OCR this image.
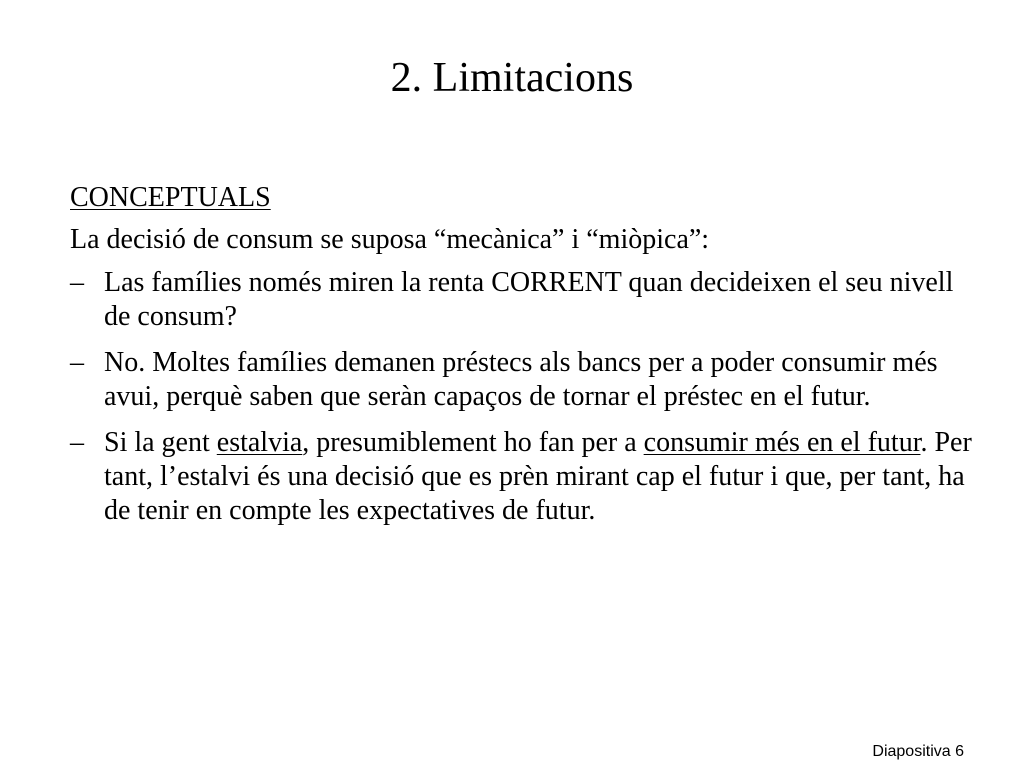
2. Limitacions
CONCEPTUALS
La decisió de consum se suposa “mecànica” i “miòpica”:
– Las famílies només miren la renta CORRENT quan decideixen el seu nivell de consum?
– No. Moltes famílies demanen préstecs als bancs per a poder consumir més avui, perquè saben que seràn capaços de tornar el préstec en el futur.
– Si la gent estalvia, presumiblement ho fan per a consumir més en el futur. Per tant, l’estalvi és una decisió que es prèn mirant cap el futur i que, per tant, ha de tenir en compte les expectatives de futur.
Diapositiva 6
